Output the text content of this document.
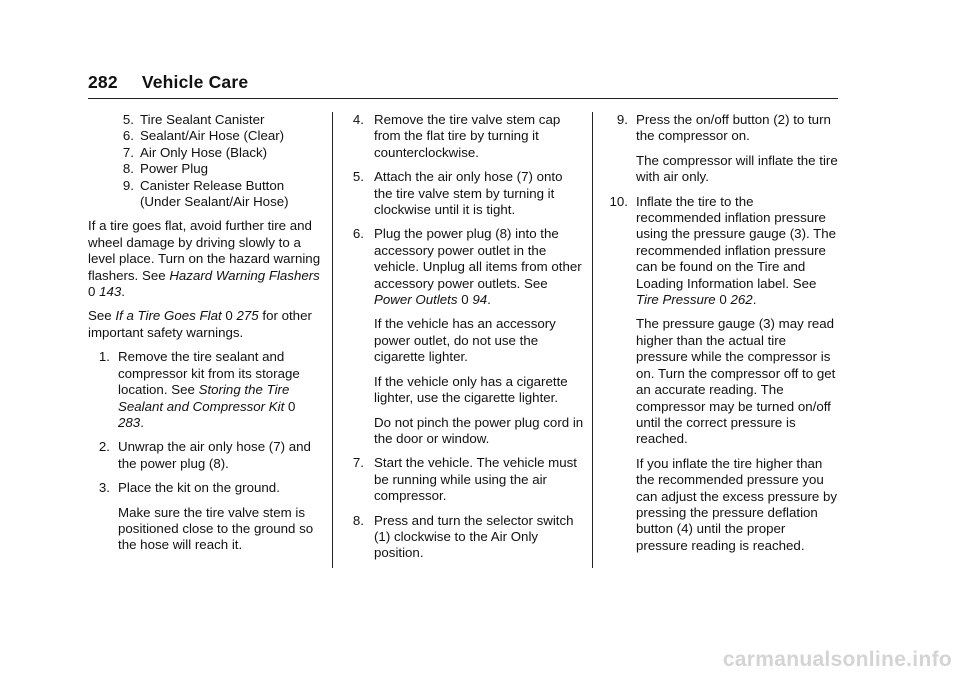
282 Vehicle Care
5. Tire Sealant Canister
6. Sealant/Air Hose (Clear)
7. Air Only Hose (Black)
8. Power Plug
9. Canister Release Button (Under Sealant/Air Hose)

If a tire goes flat, avoid further tire and wheel damage by driving slowly to a level place. Turn on the hazard warning flashers. See Hazard Warning Flashers 0 143.

See If a Tire Goes Flat 0 275 for other important safety warnings.

1. Remove the tire sealant and compressor kit from its storage location. See Storing the Tire Sealant and Compressor Kit 0 283.
2. Unwrap the air only hose (7) and the power plug (8).
3. Place the kit on the ground.

Make sure the tire valve stem is positioned close to the ground so the hose will reach it.

4. Remove the tire valve stem cap from the flat tire by turning it counterclockwise.
5. Attach the air only hose (7) onto the tire valve stem by turning it clockwise until it is tight.
6. Plug the power plug (8) into the accessory power outlet in the vehicle. Unplug all items from other accessory power outlets. See Power Outlets 0 94.

If the vehicle has an accessory power outlet, do not use the cigarette lighter.

If the vehicle only has a cigarette lighter, use the cigarette lighter.

Do not pinch the power plug cord in the door or window.

7. Start the vehicle. The vehicle must be running while using the air compressor.
8. Press and turn the selector switch (1) clockwise to the Air Only position.
9. Press the on/off button (2) to turn the compressor on.

The compressor will inflate the tire with air only.

10. Inflate the tire to the recommended inflation pressure using the pressure gauge (3). The recommended inflation pressure can be found on the Tire and Loading Information label. See Tire Pressure 0 262.

The pressure gauge (3) may read higher than the actual tire pressure while the compressor is on. Turn the compressor off to get an accurate reading. The compressor may be turned on/off until the correct pressure is reached.

If you inflate the tire higher than the recommended pressure you can adjust the excess pressure by pressing the pressure deflation button (4) until the proper pressure reading is reached.

carmanualsonline.info
